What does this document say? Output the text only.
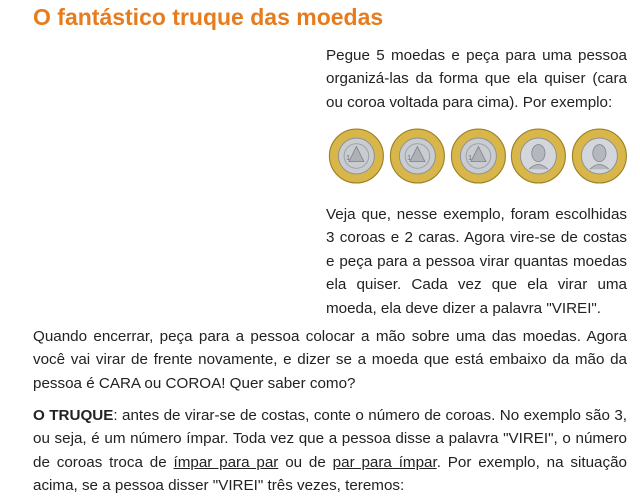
O fantástico truque das moedas

Pegue 5 moedas e peça para uma pessoa organizá-las da forma que ela quiser (cara ou coroa voltada para cima). Por exemplo:

1	1	1

Veja que, nesse exemplo, foram escolhidas 3 coroas e 2 caras. Agora vire-se de costas e peça para a pessoa virar quantas moedas ela quiser. Cada vez que ela virar uma moeda, ela deve dizer a palavra "VIREI".

Quando encerrar, peça para a pessoa colocar a mão sobre uma das moedas. Agora você vai virar de frente novamente, e dizer se a moeda que está embaixo da mão da pessoa é CARA ou COROA! Quer saber como?

O TRUQUE: antes de virar-se de costas, conte o número de coroas. No exemplo são 3, ou seja, é um número ímpar. Toda vez que a pessoa disse a palavra "VIREI", o número de coroas troca de ímpar para par ou de par para ímpar. Por exemplo, na situação acima, se a pessoa disser "VIREI" três vezes, teremos:
